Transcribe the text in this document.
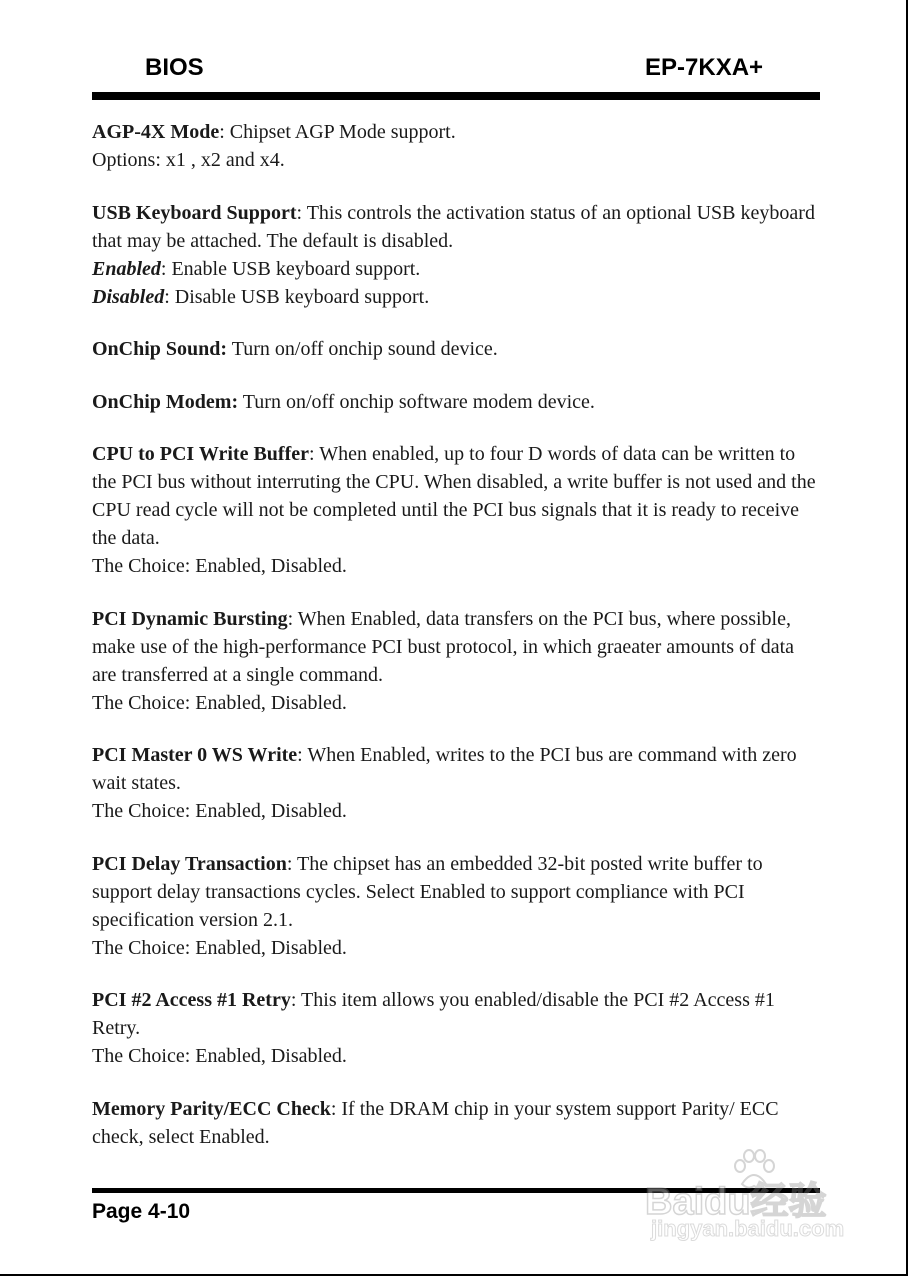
BIOS	EP-7KXA+

AGP-4X Mode: Chipset AGP Mode support.
Options: x1 , x2 and x4.

USB Keyboard Support: This controls the activation status of an optional USB keyboard that may be attached. The default is disabled.
Enabled: Enable USB keyboard support.
Disabled: Disable USB keyboard support.

OnChip Sound: Turn on/off onchip sound device.

OnChip Modem: Turn on/off onchip software modem device.

CPU to PCI Write Buffer: When enabled, up to four D words of data can be written to the PCI bus without interruting the CPU. When disabled, a write buffer is not used and the CPU read cycle will not be completed until the PCI bus signals that it is ready to receive the data.
The Choice: Enabled, Disabled.

PCI Dynamic Bursting: When Enabled, data transfers on the PCI bus, where possible, make use of the high-performance PCI bust protocol, in which graeater amounts of data are transferred at a single command.
The Choice: Enabled, Disabled.

PCI Master 0 WS Write: When Enabled, writes to the PCI bus are command with zero wait states.
The Choice: Enabled, Disabled.

PCI Delay Transaction: The chipset has an embedded 32-bit posted write buffer to support delay transactions cycles. Select Enabled to support compliance with PCI specification version 2.1.
The Choice: Enabled, Disabled.

PCI #2 Access #1 Retry: This item allows you enabled/disable the PCI #2 Access #1 Retry.
The Choice: Enabled, Disabled.

Memory Parity/ECC Check: If the DRAM chip in your system support Parity/ ECC check, select Enabled.

Page 4-10	Baidu经验
jingyan.baidu.com
